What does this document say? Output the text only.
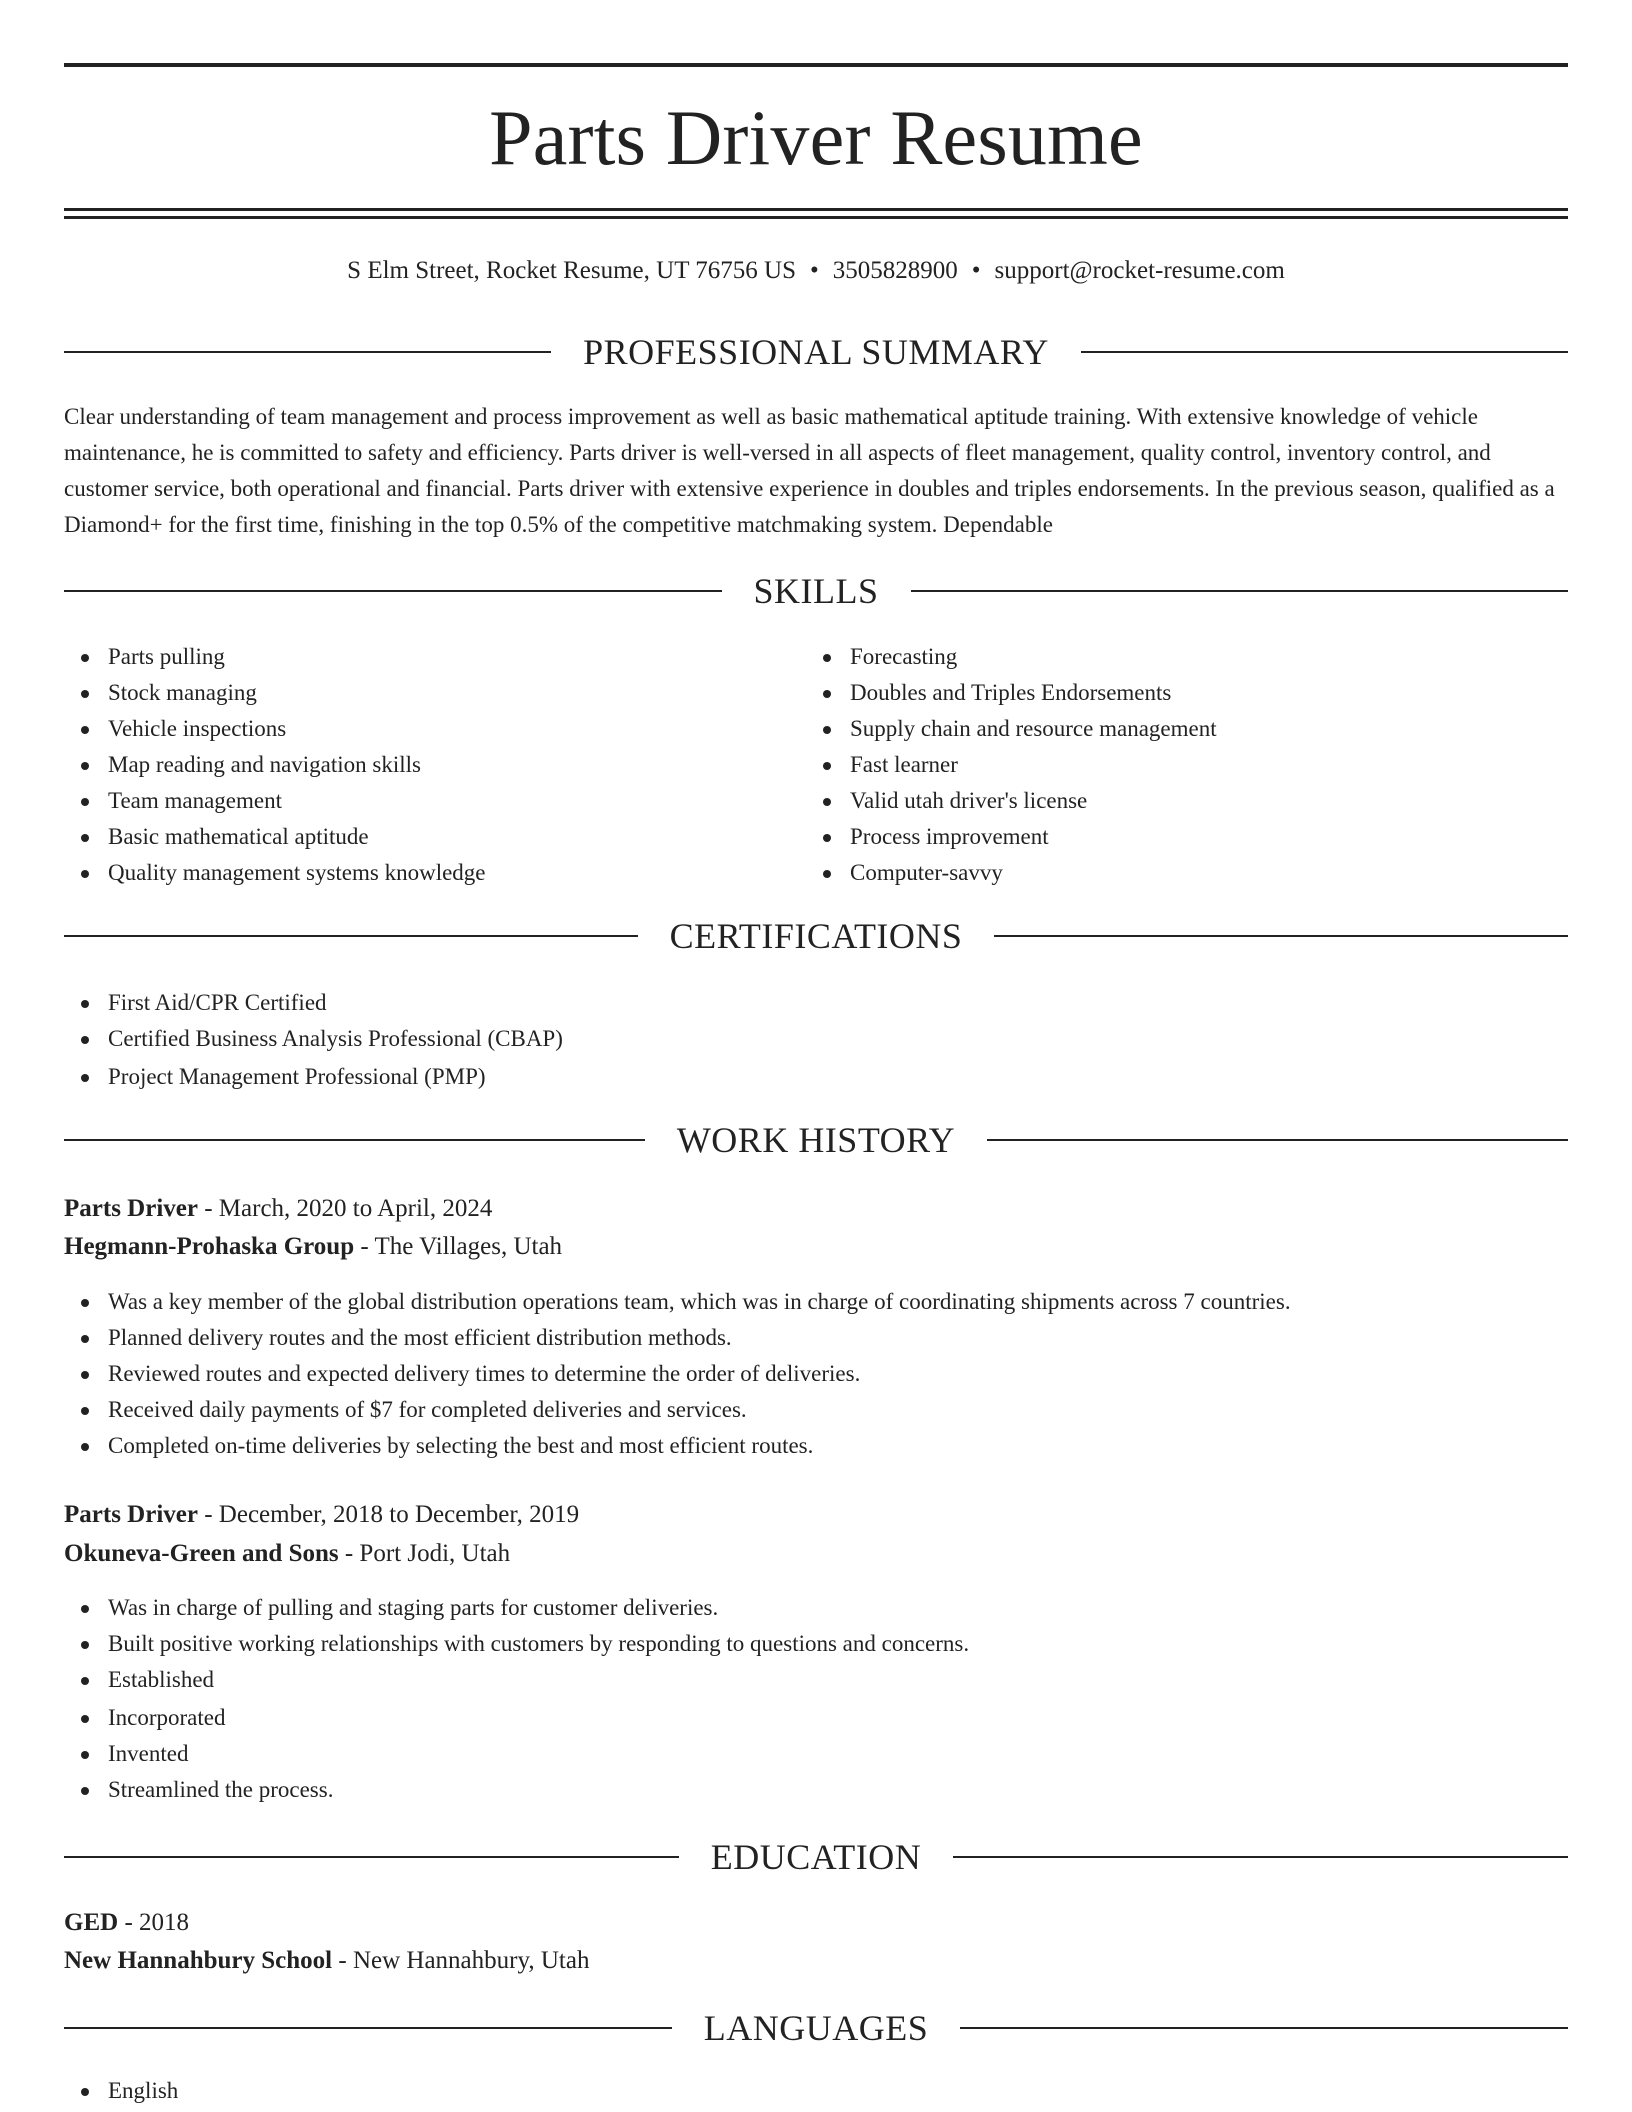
Parts Driver Resume
S Elm Street, Rocket Resume, UT 76756 US • 3505828900 • support@rocket-resume.com
PROFESSIONAL SUMMARY
Clear understanding of team management and process improvement as well as basic mathematical aptitude training. With extensive knowledge of vehicle maintenance, he is committed to safety and efficiency. Parts driver is well-versed in all aspects of fleet management, quality control, inventory control, and customer service, both operational and financial. Parts driver with extensive experience in doubles and triples endorsements. In the previous season, qualified as a Diamond+ for the first time, finishing in the top 0.5% of the competitive matchmaking system. Dependable
SKILLS
Parts pulling
Stock managing
Vehicle inspections
Map reading and navigation skills
Team management
Basic mathematical aptitude
Quality management systems knowledge
Forecasting
Doubles and Triples Endorsements
Supply chain and resource management
Fast learner
Valid utah driver's license
Process improvement
Computer-savvy
CERTIFICATIONS
First Aid/CPR Certified
Certified Business Analysis Professional (CBAP)
Project Management Professional (PMP)
WORK HISTORY
Parts Driver - March, 2020 to April, 2024
Hegmann-Prohaska Group - The Villages, Utah
Was a key member of the global distribution operations team, which was in charge of coordinating shipments across 7 countries.
Planned delivery routes and the most efficient distribution methods.
Reviewed routes and expected delivery times to determine the order of deliveries.
Received daily payments of $7 for completed deliveries and services.
Completed on-time deliveries by selecting the best and most efficient routes.
Parts Driver - December, 2018 to December, 2019
Okuneva-Green and Sons - Port Jodi, Utah
Was in charge of pulling and staging parts for customer deliveries.
Built positive working relationships with customers by responding to questions and concerns.
Established
Incorporated
Invented
Streamlined the process.
EDUCATION
GED - 2018
New Hannahbury School - New Hannahbury, Utah
LANGUAGES
English
